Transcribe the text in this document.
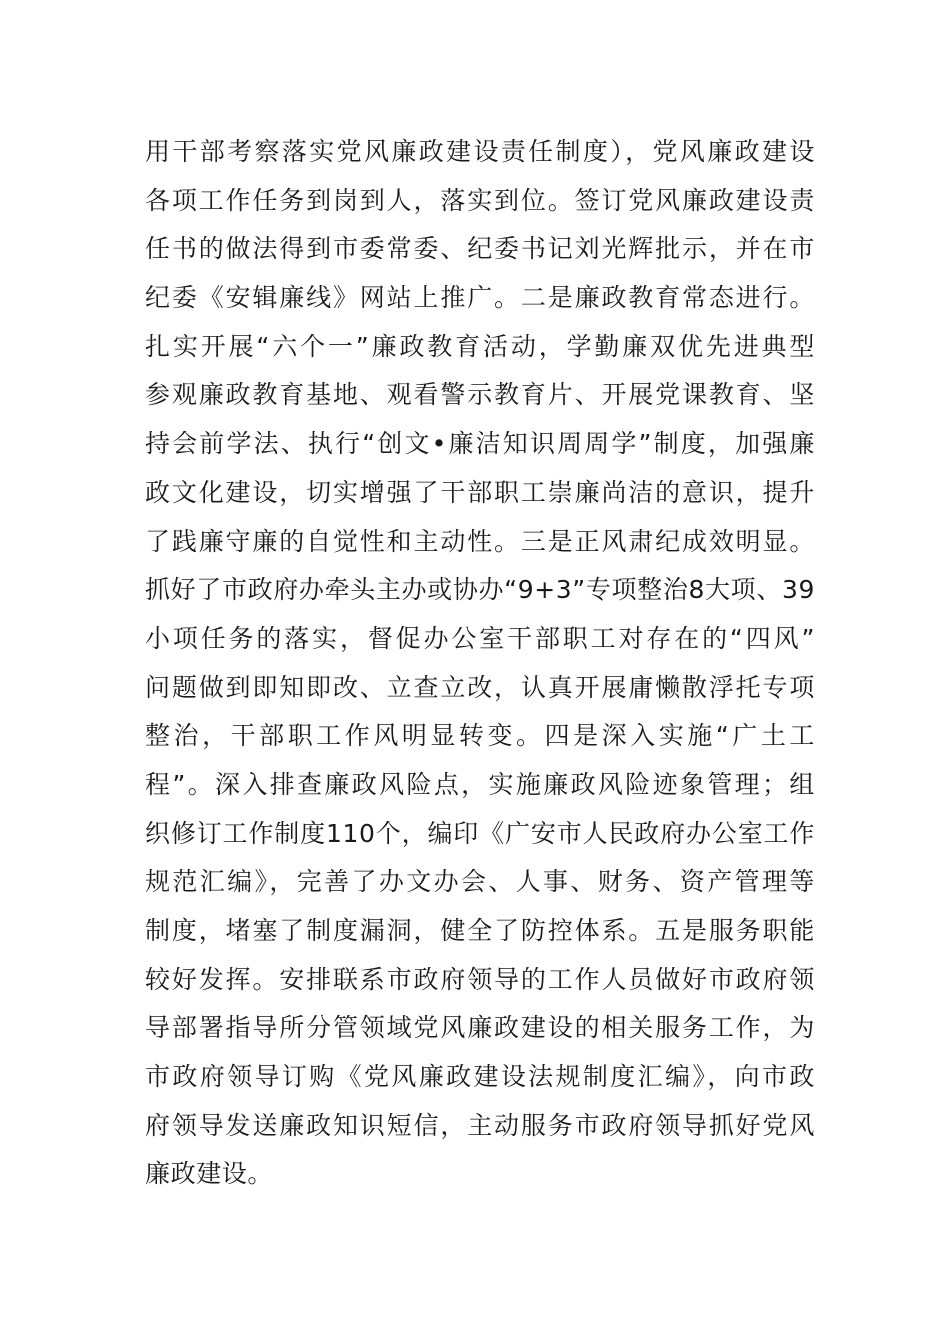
用干部考察落实党风廉政建设责任制度），党风廉政建设
各项工作任务到岗到人，落实到位。签订党风廉政建设责
任书的做法得到市委常委、纪委书记刘光辉批示，并在市
纪委《安辑廉线》网站上推广。二是廉政教育常态进行。
扎实开展“六个一”廉政教育活动，学勤廉双优先进典型
参观廉政教育基地、观看警示教育片、开展党课教育、坚
持会前学法、执行“创文•廉洁知识周周学”制度，加强廉
政文化建设，切实增强了干部职工崇廉尚洁的意识，提升
了践廉守廉的自觉性和主动性。三是正风肃纪成效明显。
抓好了市政府办牵头主办或协办“9+3”专项整治8大项、39
小项任务的落实，督促办公室干部职工对存在的“四风”
问题做到即知即改、立查立改，认真开展庸懒散浮托专项
整治，干部职工作风明显转变。四是深入实施“广土工
程”。深入排查廉政风险点，实施廉政风险迹象管理；组
织修订工作制度110个，编印《广安市人民政府办公室工作
规范汇编》，完善了办文办会、人事、财务、资产管理等
制度，堵塞了制度漏洞，健全了防控体系。五是服务职能
较好发挥。安排联系市政府领导的工作人员做好市政府领
导部署指导所分管领域党风廉政建设的相关服务工作，为
市政府领导订购《党风廉政建设法规制度汇编》，向市政
府领导发送廉政知识短信，主动服务市政府领导抓好党风
廉政建设。
